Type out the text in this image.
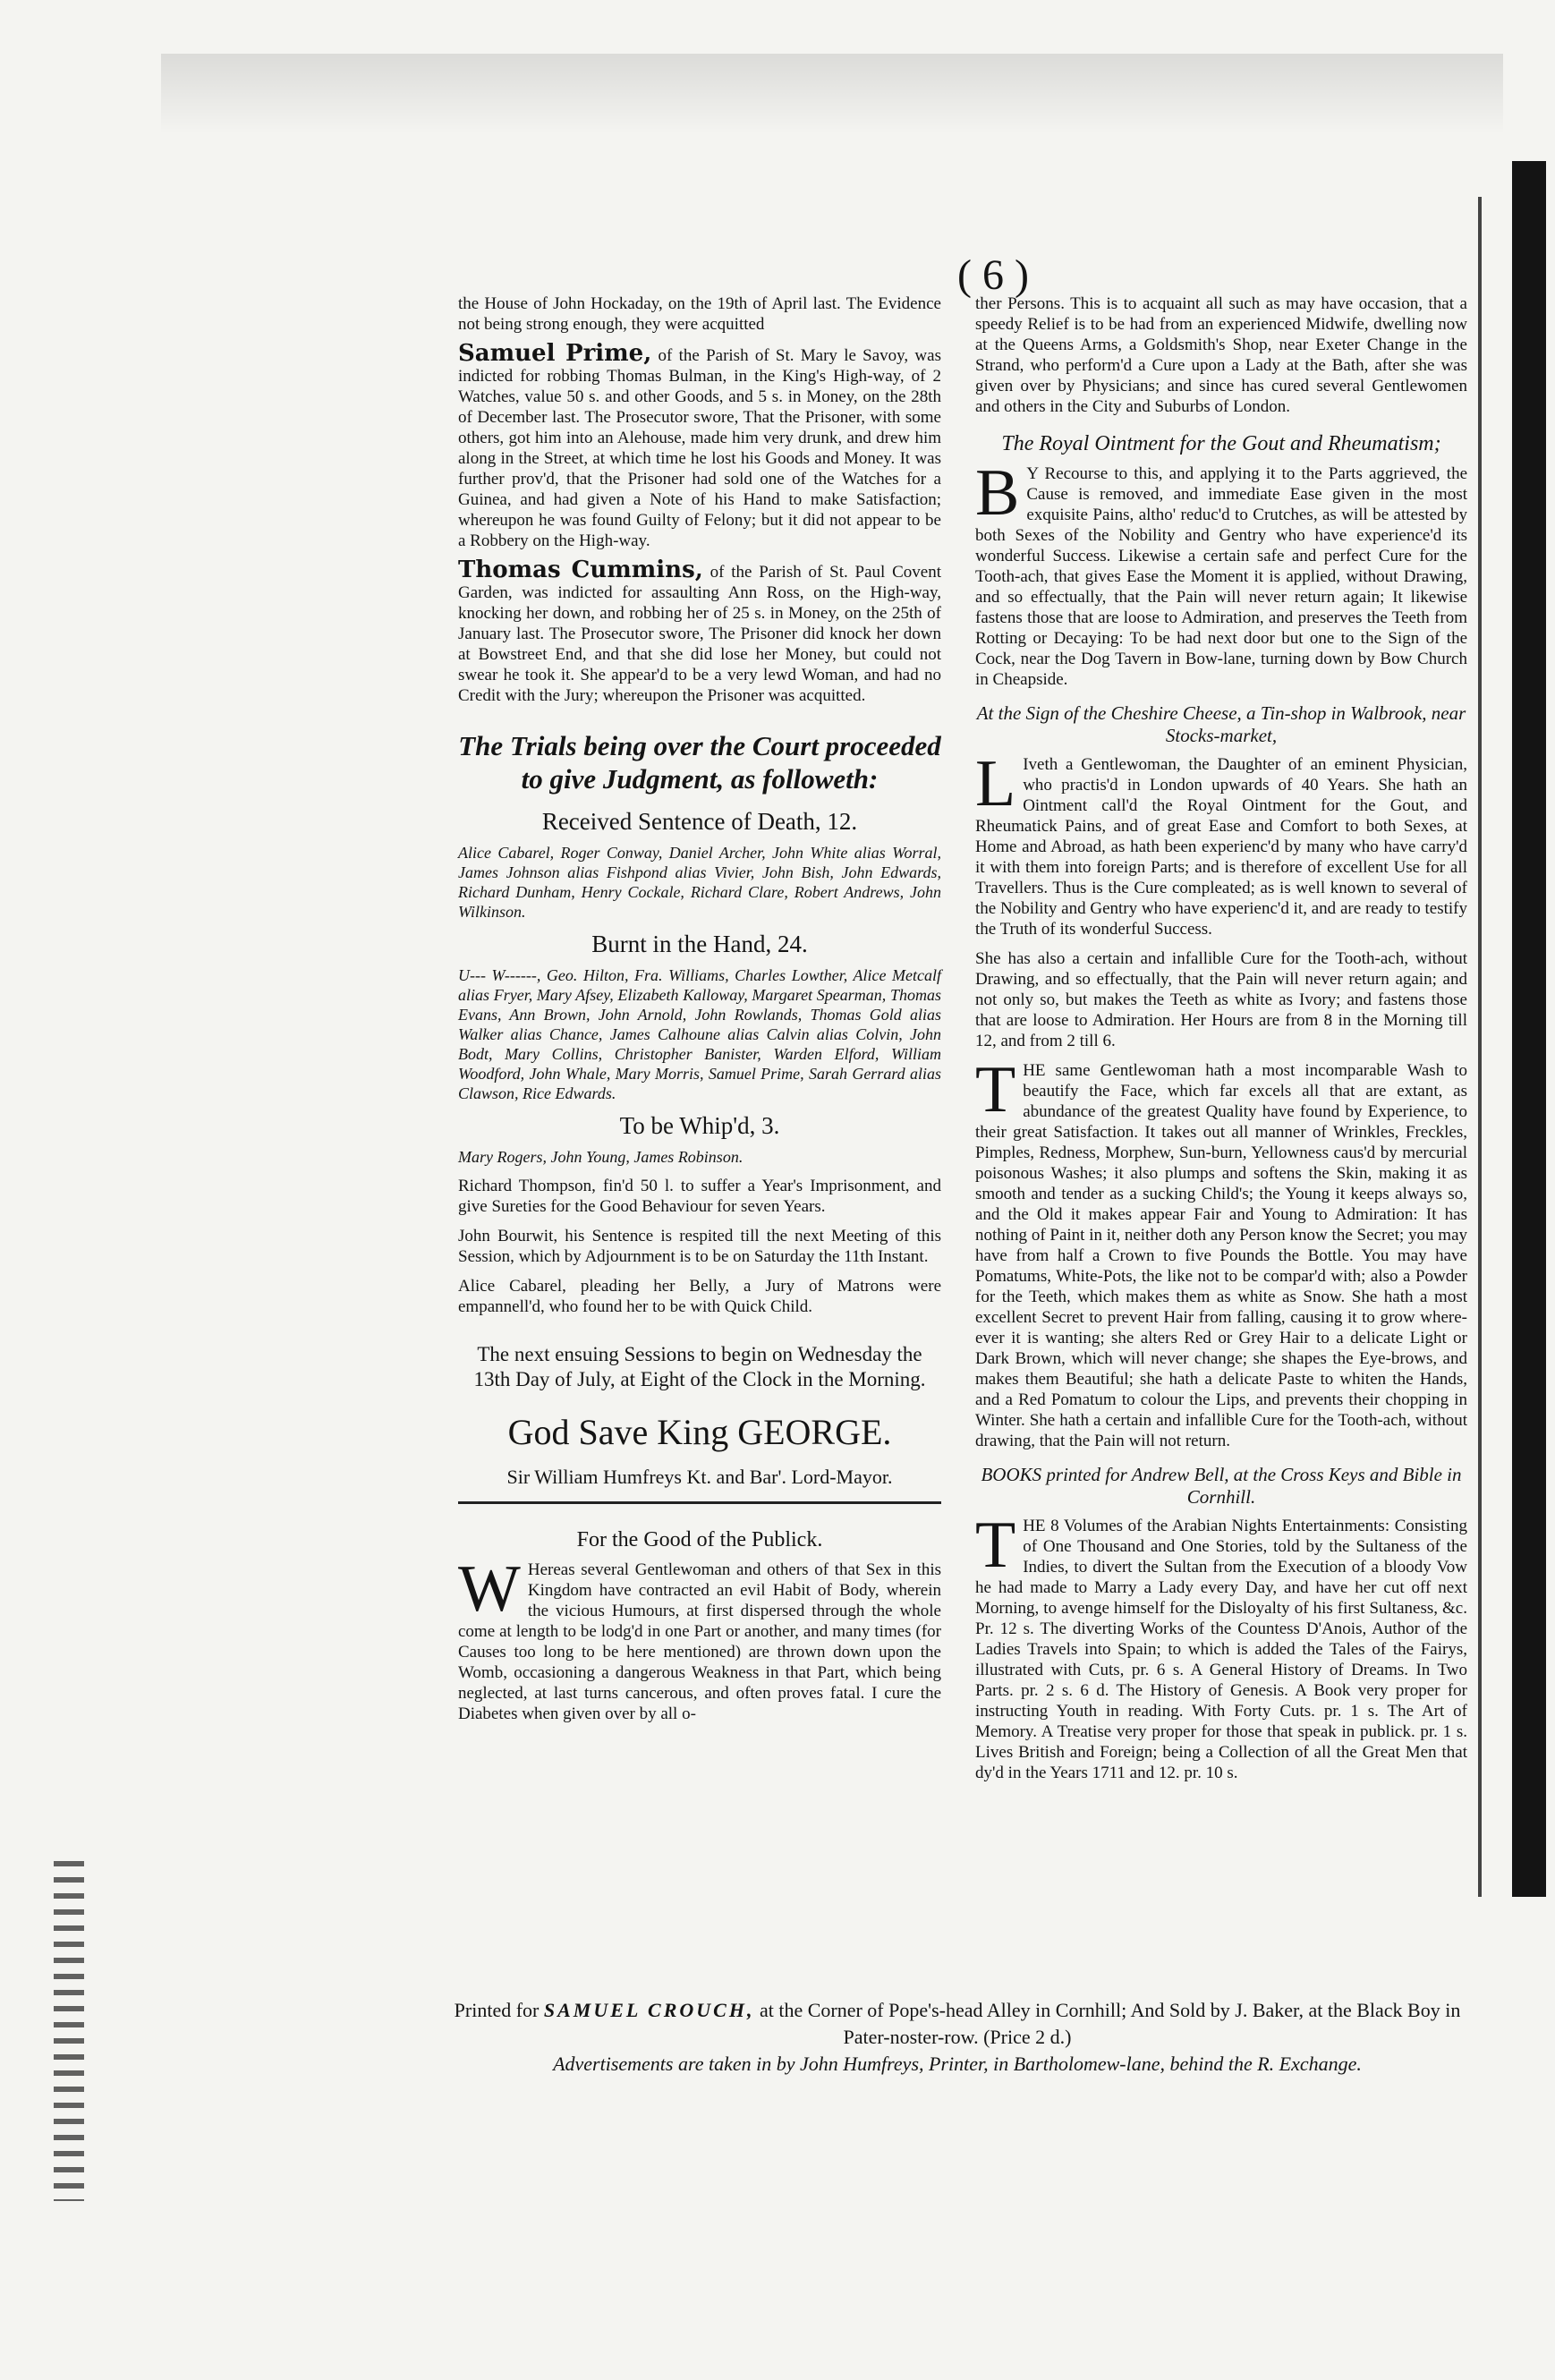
( 6 )

the House of John Hockaday, on the 19th of April last. The Evidence not being strong enough, they were acquitted

Samuel Prime, of the Parish of St. Mary le Savoy, was indicted for robbing Thomas Bulman, in the King's High-way, of 2 Watches, value 50 s. and other Goods, and 5 s. in Money, on the 28th of December last. The Prosecutor swore, That the Prisoner, with some others, got him into an Alehouse, made him very drunk, and drew him along in the Street, at which time he lost his Goods and Money. It was further prov'd, that the Prisoner had sold one of the Watches for a Guinea, and had given a Note of his Hand to make Satisfaction; whereupon he was found Guilty of Felony; but it did not appear to be a Robbery on the High-way.

Thomas Cummins, of the Parish of St. Paul Covent Garden, was indicted for assaulting Ann Ross, on the High-way, knocking her down, and robbing her of 25 s. in Money, on the 25th of January last. The Prosecutor swore, The Prisoner did knock her down at Bowstreet End, and that she did lose her Money, but could not swear he took it. She appear'd to be a very lewd Woman, and had no Credit with the Jury; whereupon the Prisoner was acquitted.

The Trials being over the Court proceeded to give Judgment, as followeth:
Received Sentence of Death, 12.

Alice Cabarel, Roger Conway, Daniel Archer, John White alias Worral, James Johnson alias Fishpond alias Vivier, John Bish, John Edwards, Richard Dunham, Henry Cockale, Richard Clare, Robert Andrews, John Wilkinson.

Burnt in the Hand, 24.

U--- W------, Geo. Hilton, Fra. Williams, Charles Lowther, Alice Metcalf alias Fryer, Mary Afsey, Elizabeth Kalloway, Margaret Spearman, Thomas Evans, Ann Brown, John Arnold, John Rowlands, Thomas Gold alias Walker alias Chance, James Calhoune alias Calvin alias Colvin, John Bodt, Mary Collins, Christopher Banister, Warden Elford, William Woodford, John Whale, Mary Morris, Samuel Prime, Sarah Gerrard alias Clawson, Rice Edwards.

To be Whip'd, 3.

Mary Rogers, John Young, James Robinson.

Richard Thompson, fin'd 50 l. to suffer a Year's Imprisonment, and give Sureties for the Good Behaviour for seven Years.

John Bourwit, his Sentence is respited till the next Meeting of this Session, which by Adjournment is to be on Saturday the 11th Instant.

Alice Cabarel, pleading her Belly, a Jury of Matrons were empannell'd, who found her to be with Quick Child.

The next ensuing Sessions to begin on Wednesday the 13th Day of July, at Eight of the Clock in the Morning.
God Save King GEORGE.
Sir William Humfreys Kt. and Bar'. Lord-Mayor.
For the Good of the Publick.

W Hereas several Gentlewoman and others of that Sex in this Kingdom have contracted an evil Habit of Body, wherein the vicious Humours, at first dispersed through the whole come at length to be lodg'd in one Part or another, and many times (for Causes too long to be here mentioned) are thrown down upon the Womb, occasioning a dangerous Weakness in that Part, which being neglected, at last turns cancerous, and often proves fatal. I cure the Diabetes when given over by all o-

ther Persons. This is to acquaint all such as may have occasion, that a speedy Relief is to be had from an experienced Midwife, dwelling now at the Queens Arms, a Goldsmith's Shop, near Exeter Change in the Strand, who perform'd a Cure upon a Lady at the Bath, after she was given over by Physicians; and since has cured several Gentlewomen and others in the City and Suburbs of London.

The Royal Ointment for the Gout and Rheumatism;

B Y Recourse to this, and applying it to the Parts aggrieved, the Cause is removed, and immediate Ease given in the most exquisite Pains, altho' reduc'd to Crutches, as will be attested by both Sexes of the Nobility and Gentry who have experience'd its wonderful Success. Likewise a certain safe and perfect Cure for the Tooth-ach, that gives Ease the Moment it is applied, without Drawing, and so effectually, that the Pain will never return again; It likewise fastens those that are loose to Admiration, and preserves the Teeth from Rotting or Decaying: To be had next door but one to the Sign of the Cock, near the Dog Tavern in Bow-lane, turning down by Bow Church in Cheapside.

At the Sign of the Cheshire Cheese, a Tin-shop in Walbrook, near Stocks-market,

L Iveth a Gentlewoman, the Daughter of an eminent Physician, who practis'd in London upwards of 40 Years. She hath an Ointment call'd the Royal Ointment for the Gout, and Rheumatick Pains, and of great Ease and Comfort to both Sexes, at Home and Abroad, as hath been experienc'd by many who have carry'd it with them into foreign Parts; and is therefore of excellent Use for all Travellers. Thus is the Cure compleated; as is well known to several of the Nobility and Gentry who have experienc'd it, and are ready to testify the Truth of its wonderful Success.

She has also a certain and infallible Cure for the Tooth-ach, without Drawing, and so effectually, that the Pain will never return again; and not only so, but makes the Teeth as white as Ivory; and fastens those that are loose to Admiration. Her Hours are from 8 in the Morning till 12, and from 2 till 6.

T HE same Gentlewoman hath a most incomparable Wash to beautify the Face, which far excels all that are extant, as abundance of the greatest Quality have found by Experience, to their great Satisfaction. It takes out all manner of Wrinkles, Freckles, Pimples, Redness, Morphew, Sun-burn, Yellowness caus'd by mercurial poisonous Washes; it also plumps and softens the Skin, making it as smooth and tender as a sucking Child's; the Young it keeps always so, and the Old it makes appear Fair and Young to Admiration: It has nothing of Paint in it, neither doth any Person know the Secret; you may have from half a Crown to five Pounds the Bottle. You may have Pomatums, White-Pots, the like not to be compar'd with; also a Powder for the Teeth, which makes them as white as Snow. She hath a most excellent Secret to prevent Hair from falling, causing it to grow where-ever it is wanting; she alters Red or Grey Hair to a delicate Light or Dark Brown, which will never change; she shapes the Eye-brows, and makes them Beautiful; she hath a delicate Paste to whiten the Hands, and a Red Pomatum to colour the Lips, and prevents their chopping in Winter. She hath a certain and infallible Cure for the Tooth-ach, without drawing, that the Pain will not return.

BOOKS printed for Andrew Bell, at the Cross Keys and Bible in Cornhill.

T HE 8 Volumes of the Arabian Nights Entertainments: Consisting of One Thousand and One Stories, told by the Sultaness of the Indies, to divert the Sultan from the Execution of a bloody Vow he had made to Marry a Lady every Day, and have her cut off next Morning, to avenge himself for the Disloyalty of his first Sultaness, &c. Pr. 12 s. The diverting Works of the Countess D'Anois, Author of the Ladies Travels into Spain; to which is added the Tales of the Fairys, illustrated with Cuts, pr. 6 s. A General History of Dreams. In Two Parts. pr. 2 s. 6 d. The History of Genesis. A Book very proper for instructing Youth in reading. With Forty Cuts. pr. 1 s. The Art of Memory. A Treatise very proper for those that speak in publick. pr. 1 s. Lives British and Foreign; being a Collection of all the Great Men that dy'd in the Years 1711 and 12. pr. 10 s.

Printed for SAMUEL CROUCH, at the Corner of Pope's-head Alley in Cornhill; And Sold by J. Baker, at the Black Boy in Pater-noster-row. (Price 2 d.)
Advertisements are taken in by John Humfreys, Printer, in Bartholomew-lane, behind the R. Exchange.
